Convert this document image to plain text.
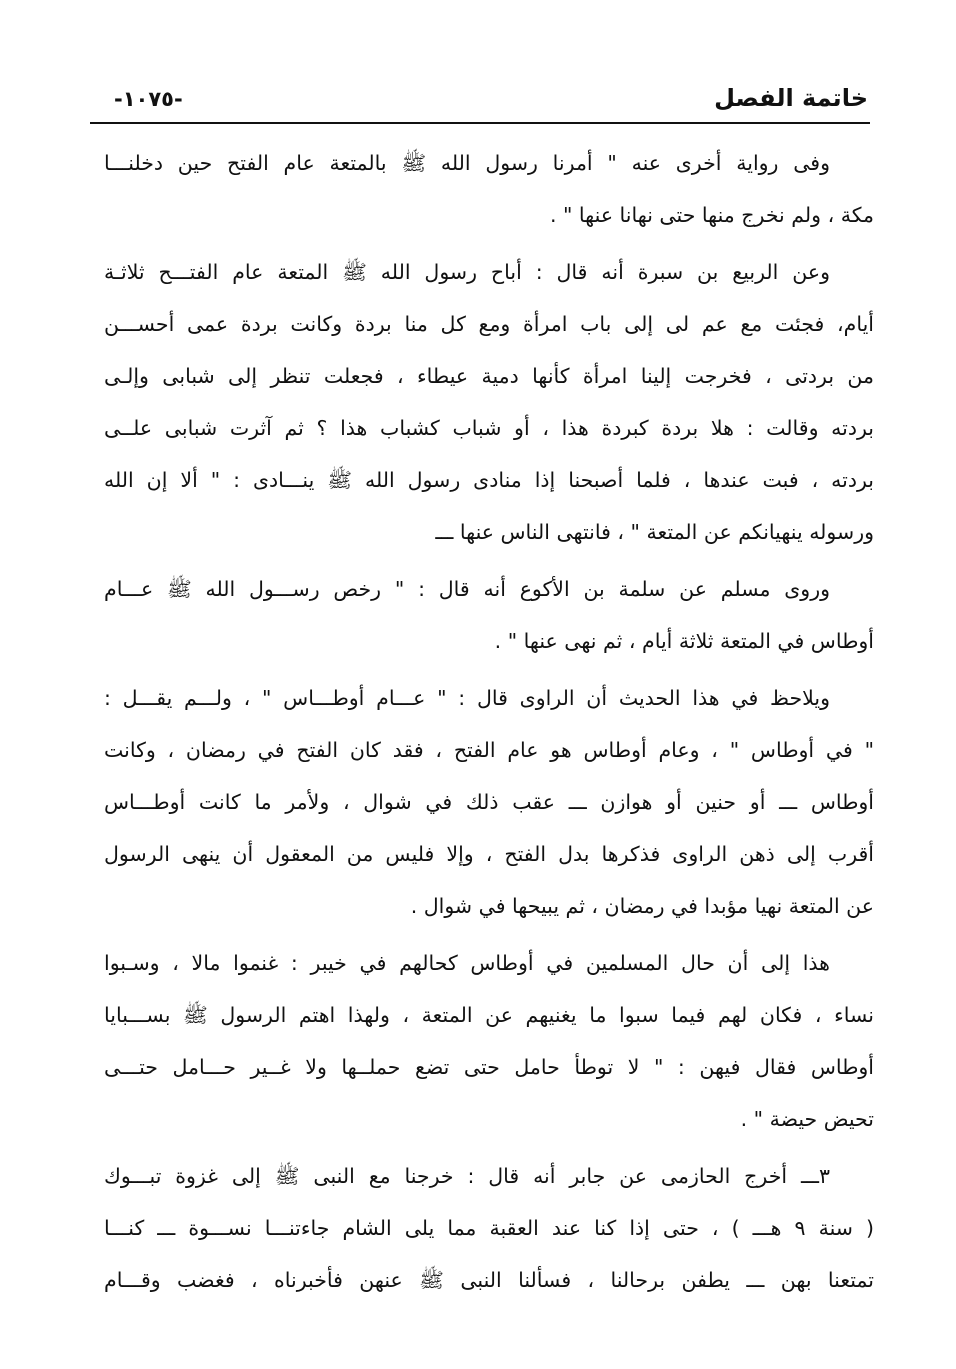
خاتمة الفصل
-١٠٧٥-
وفى رواية أخرى عنه " أمرنا رسول الله ﷺ بالمتعة عام الفتح حين دخلنـــا
مكة ، ولم نخرج منها حتى نهانا عنها " .
وعن الربيع بن سبرة أنه قال : أباح رسول الله ﷺ المتعة عام الفتـــح ثلاثـة
أيام، فجئت مع عم لى إلى باب امرأة ومع كل منا بردة وكانت بردة عمى أحســـن
من بردتى ، فخرجت إلينا امرأة كأنها دمية عيطاء ، فجعلت تنظر إلى شبابى وإلـى
بردته وقالت : هلا بردة كبردة هذا ، أو شباب كشباب هذا ؟ ثم آثرت شبابى علــى
بردته ، فبت عندها ، فلما أصبحنا إذا منادى رسول الله ﷺ ينـــادى : " ألا إن الله
ورسوله ينهيانكم عن المتعة " ، فانتهى الناس عنها ـــ
وروى مسلم عن سلمة بن الأكوع أنه قال : " رخص رســـول الله ﷺ عـــام
أوطاس في المتعة ثلاثة أيام ، ثم نهى عنها " .
ويلاحظ في هذا الحديث أن الراوى قال : " عـــام أوطـــاس " ، ولـــم يقـــل :
" في أوطاس " ، وعام أوطاس هو عام الفتح ، فقد كان الفتح في رمضان ، وكانت
أوطاس ـــ أو حنين أو هوازن ـــ عقب ذلك في شوال ، ولأمر ما كانت أوطـــاس
أقرب إلى ذهن الراوى فذكرها بدل الفتح ، وإلا فليس من المعقول أن ينهى الرسول
عن المتعة نهيا مؤبدا في رمضان ، ثم يبيحها في شوال .
هذا إلى أن حال المسلمين في أوطاس كحالهم في خيبر : غنموا مالا ، وسـبوا
نساء ، فكان لهم فيما سبوا ما يغنيهم عن المتعة ، ولهذا اهتم الرسول ﷺ بســـبايا
أوطاس فقال فيهن : " لا توطأ حامل حتى تضع حملــها ولا غــير حـــامل حتـــى
تحيض حيضة " .
٣ـــ أخرج الحازمى عن جابر أنه قال : خرجنا مع النبى ﷺ إلى غزوة تبـــوك
( سنة ٩ هـــ ) ، حتى إذا كنا عند العقبة مما يلى الشام جاءتنـــا نســـوة ـــ كنـــا
تمتعنا بهن ـــ يطفن برحالنا ، فسألنا النبى ﷺ عنهن فأخبرناه ، فغضب وقـــام
